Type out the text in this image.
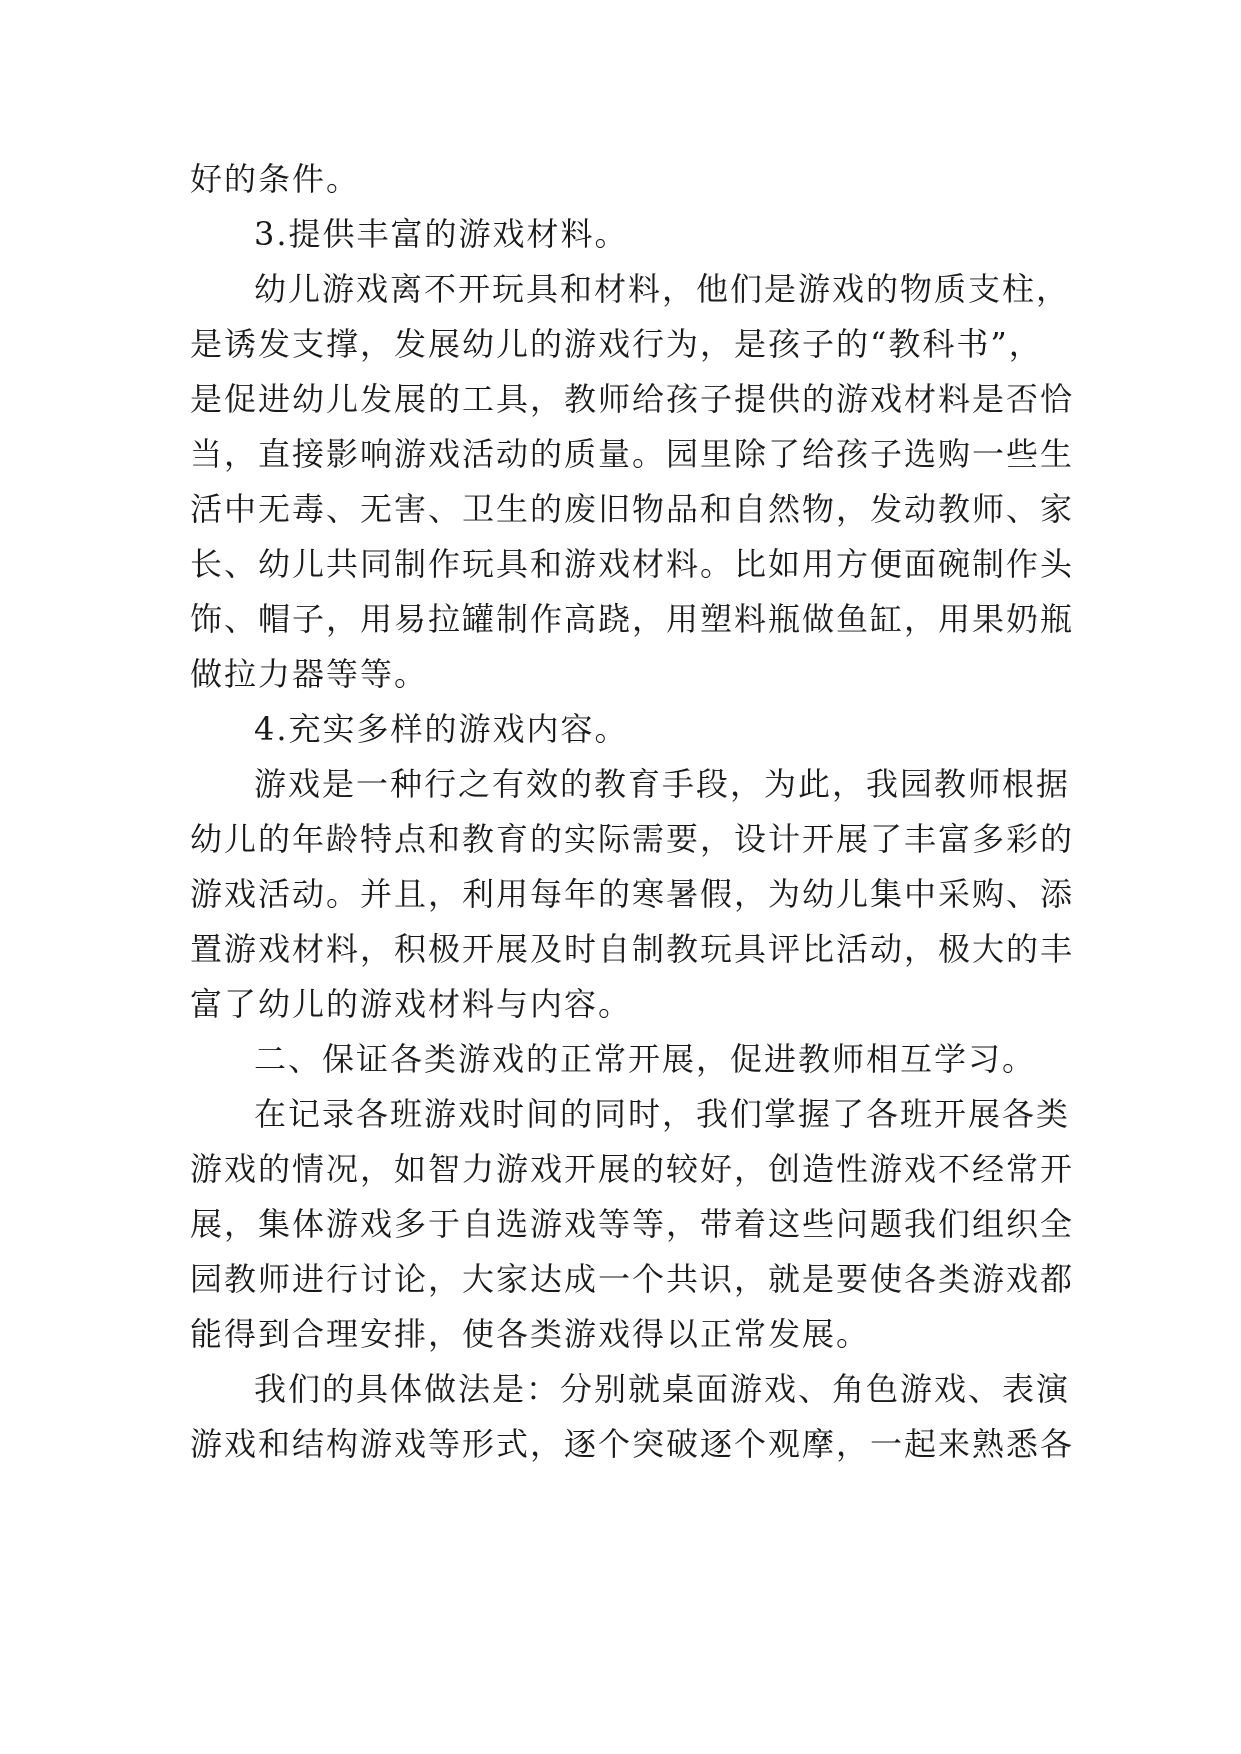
好的条件。
3.提供丰富的游戏材料。
幼儿游戏离不开玩具和材料，他们是游戏的物质支柱，
是诱发支撑，发展幼儿的游戏行为，是孩子的“教科书”，
是促进幼儿发展的工具，教师给孩子提供的游戏材料是否恰
当，直接影响游戏活动的质量。园里除了给孩子选购一些生
活中无毒、无害、卫生的废旧物品和自然物，发动教师、家
长、幼儿共同制作玩具和游戏材料。比如用方便面碗制作头
饰、帽子，用易拉罐制作高跷，用塑料瓶做鱼缸，用果奶瓶
做拉力器等等。
4.充实多样的游戏内容。
游戏是一种行之有效的教育手段，为此，我园教师根据
幼儿的年龄特点和教育的实际需要，设计开展了丰富多彩的
游戏活动。并且，利用每年的寒暑假，为幼儿集中采购、添
置游戏材料，积极开展及时自制教玩具评比活动，极大的丰
富了幼儿的游戏材料与内容。
二、保证各类游戏的正常开展，促进教师相互学习。
在记录各班游戏时间的同时，我们掌握了各班开展各类
游戏的情况，如智力游戏开展的较好，创造性游戏不经常开
展，集体游戏多于自选游戏等等，带着这些问题我们组织全
园教师进行讨论，大家达成一个共识，就是要使各类游戏都
能得到合理安排，使各类游戏得以正常发展。
我们的具体做法是：分别就桌面游戏、角色游戏、表演
游戏和结构游戏等形式，逐个突破逐个观摩，一起来熟悉各
